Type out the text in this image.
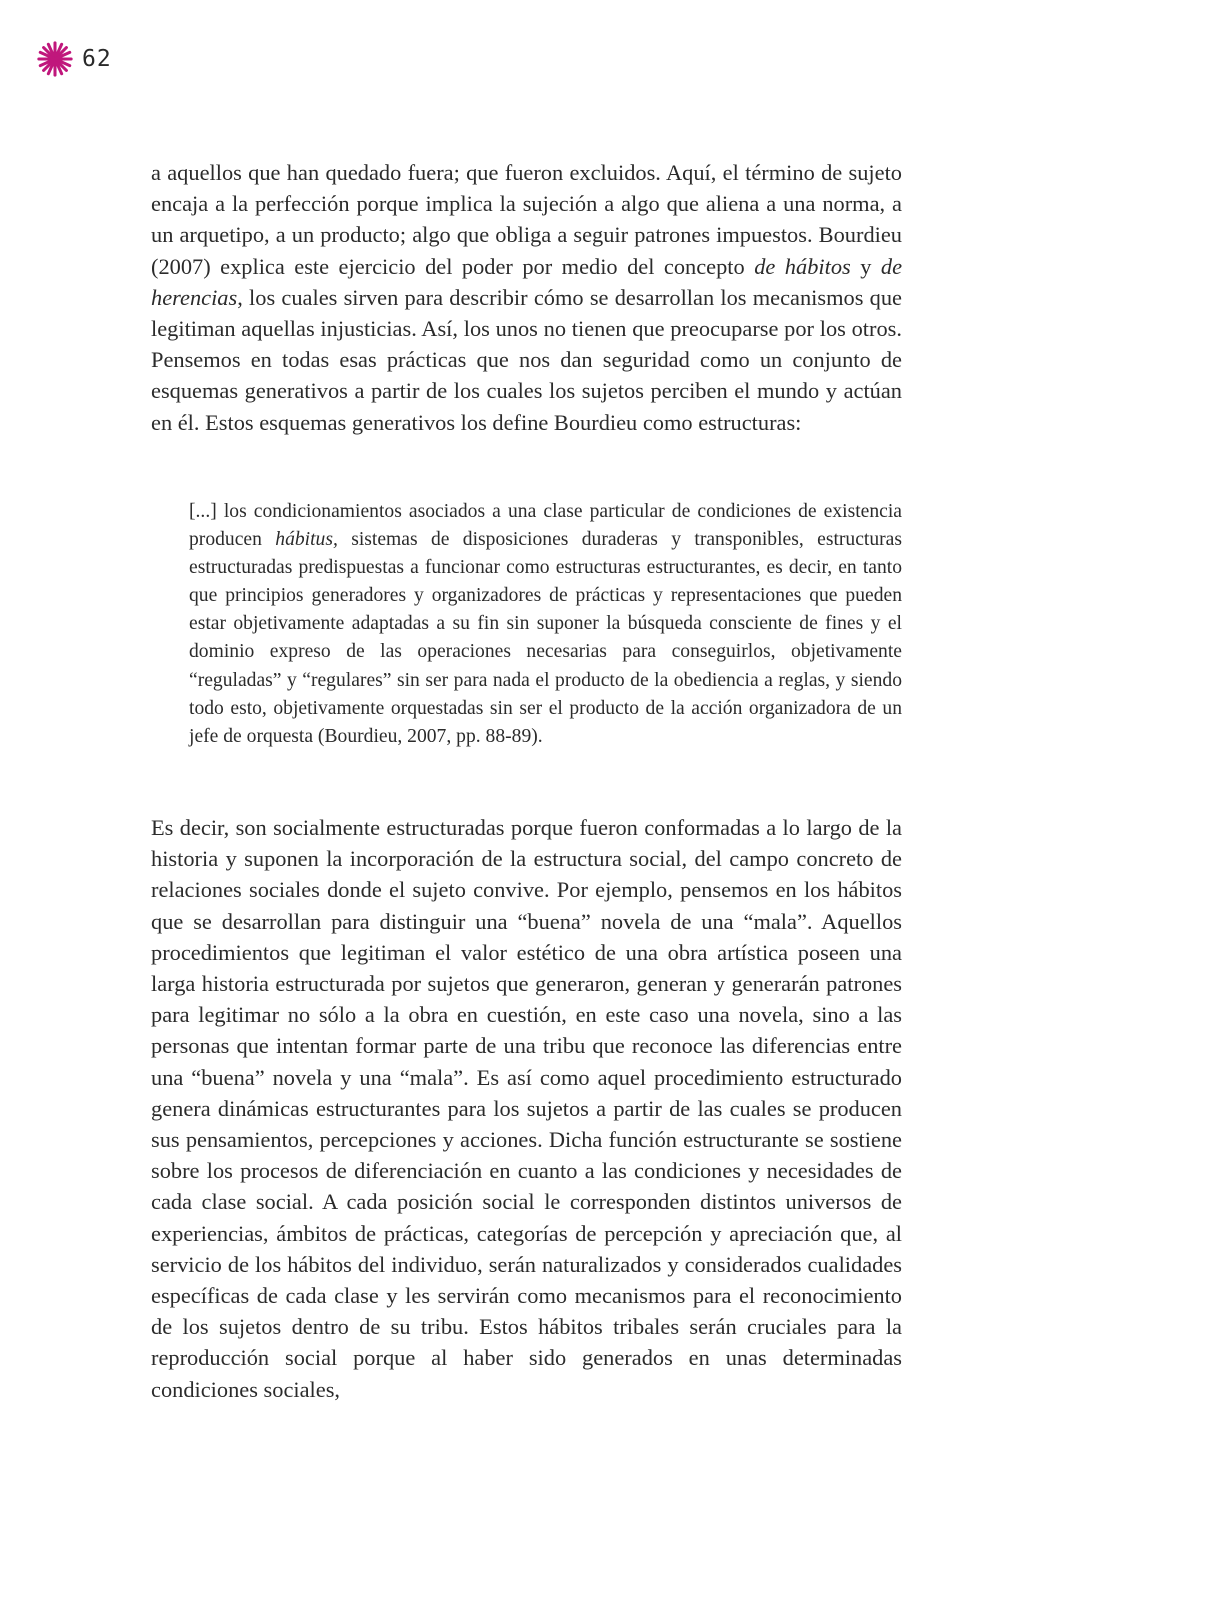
62

a aquellos que han quedado fuera; que fueron excluidos. Aquí, el término de sujeto encaja a la perfección porque implica la sujeción a algo que aliena a una norma, a un arquetipo, a un producto; algo que obliga a seguir patrones impuestos. Bourdieu (2007) explica este ejercicio del poder por medio del concepto de hábitos y de herencias, los cuales sirven para describir cómo se desarrollan los mecanismos que legitiman aquellas injusticias. Así, los unos no tienen que preocuparse por los otros. Pensemos en todas esas prácticas que nos dan seguridad como un conjunto de esquemas generativos a partir de los cuales los sujetos perciben el mundo y actúan en él. Estos esquemas generativos los define Bourdieu como estructuras:

[...] los condicionamientos asociados a una clase particular de condiciones de existencia producen hábitus, sistemas de disposiciones duraderas y transponibles, estructuras estructuradas predispuestas a funcionar como estructuras estructurantes, es decir, en tanto que principios generadores y organizadores de prácticas y representaciones que pueden estar objetivamente adaptadas a su fin sin suponer la búsqueda consciente de fines y el dominio expreso de las operaciones necesarias para conseguirlos, objetivamente “reguladas” y “regulares” sin ser para nada el producto de la obediencia a reglas, y siendo todo esto, objetivamente orquestadas sin ser el producto de la acción organizadora de un jefe de orquesta (Bourdieu, 2007, pp. 88-89).

Es decir, son socialmente estructuradas porque fueron conformadas a lo largo de la historia y suponen la incorporación de la estructura social, del campo concreto de relaciones sociales donde el sujeto convive. Por ejemplo, pensemos en los hábitos que se desarrollan para distinguir una “buena” novela de una “mala”. Aquellos procedimientos que legitiman el valor estético de una obra artística poseen una larga historia estructurada por sujetos que generaron, generan y generarán patrones para legitimar no sólo a la obra en cuestión, en este caso una novela, sino a las personas que intentan formar parte de una tribu que reconoce las diferencias entre una “buena” novela y una “mala”. Es así como aquel procedimiento estructurado genera dinámicas estructurantes para los sujetos a partir de las cuales se producen sus pensamientos, percepciones y acciones. Dicha función estructurante se sostiene sobre los procesos de diferenciación en cuanto a las condiciones y necesidades de cada clase social. A cada posición social le corresponden distintos universos de experiencias, ámbitos de prácticas, categorías de percepción y apreciación que, al servicio de los hábitos del individuo, serán naturalizados y considerados cualidades específicas de cada clase y les servirán como mecanismos para el reconocimiento de los sujetos dentro de su tribu. Estos hábitos tribales serán cruciales para la reproducción social porque al haber sido generados en unas determinadas condiciones sociales,
